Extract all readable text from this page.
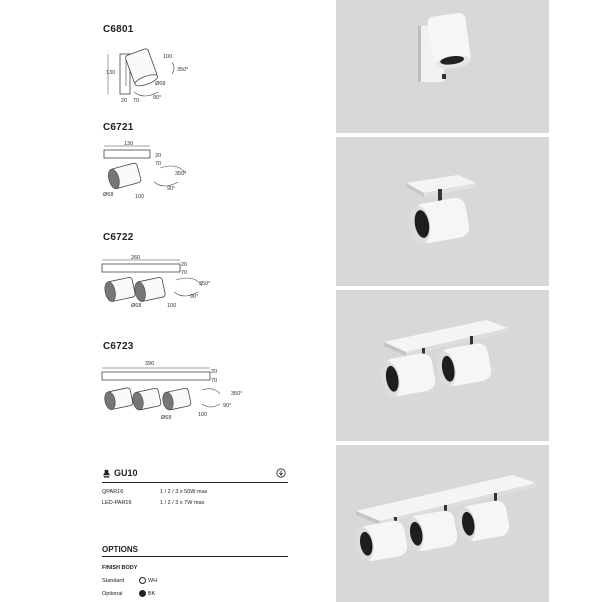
C6801
130
100
350°
Ø68
90°
20 70
C6721
130
20
70
350°
90°
Ø68	100
C6722
260
20
70
350°
90°
Ø68	100
C6723
390
20
70
350°
90°
Ø68	100
GU10
QPAR16	1 / 2 / 3 x 50W max
LED-PAR16	1 / 2 / 3 x 7W max
OPTIONS
FINISH BODY
Standard	WH
Optional	BK
